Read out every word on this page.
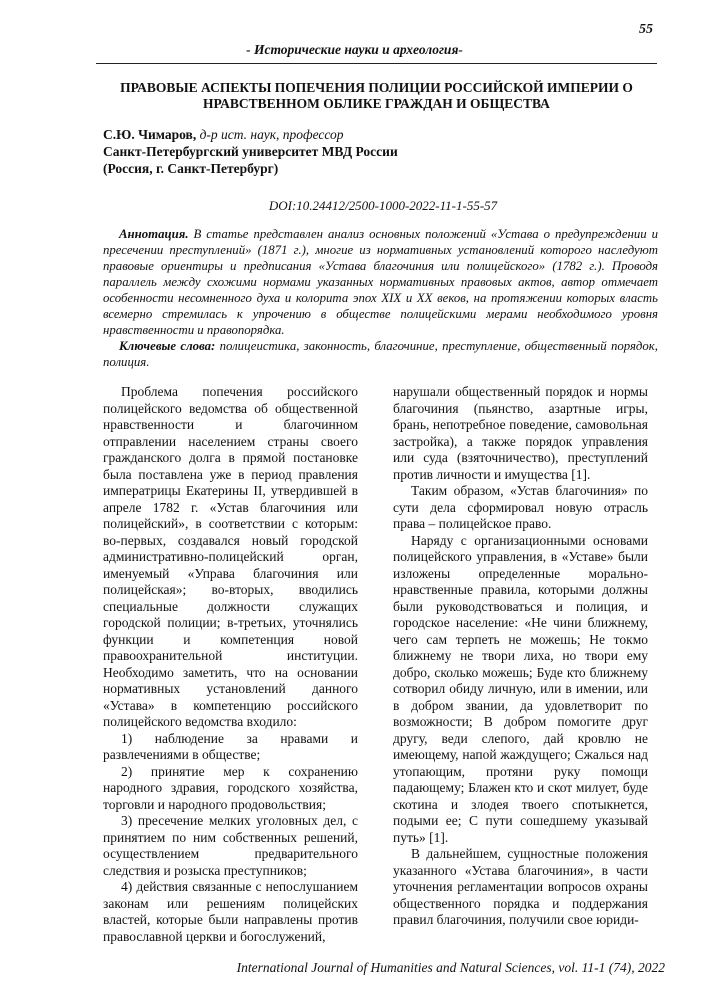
55
- Исторические науки и археология-
ПРАВОВЫЕ АСПЕКТЫ ПОПЕЧЕНИЯ ПОЛИЦИИ РОССИЙСКОЙ ИМПЕРИИ О НРАВСТВЕННОМ ОБЛИКЕ ГРАЖДАН И ОБЩЕСТВА
С.Ю. Чимаров, д-р ист. наук, профессор
Санкт-Петербургский университет МВД России
(Россия, г. Санкт-Петербург)
DOI:10.24412/2500-1000-2022-11-1-55-57

Аннотация. В статье представлен анализ основных положений «Устава о предупреждении и пресечении преступлений» (1871 г.), многие из нормативных установлений которого наследуют правовые ориентиры и предписания «Устава благочиния или полицейского» (1782 г.). Проводя параллель между схожими нормами указанных нормативных правовых актов, автор отмечает особенности несомненного духа и колорита эпох XIX и XX веков, на протяжении которых власть всемерно стремилась к упрочению в обществе полицейскими мерами необходимого уровня нравственности и правопорядка.

Ключевые слова: полицеистика, законность, благочиние, преступление, общественный порядок, полиция.

Проблема попечения российского полицейского ведомства об общественной нравственности и благочинном отправлении населением страны своего гражданского долга в прямой постановке была поставлена уже в период правления императрицы Екатерины II, утвердившей в апреле 1782 г. «Устав благочиния или полицейский», в соответствии с которым: во-первых, создавался новый городской административно-полицейский орган, именуемый «Управа благочиния или полицейская»; во-вторых, вводились специальные должности служащих городской полиции; в-третьих, уточнялись функции и компетенция новой правоохранительной институции. Необходимо заметить, что на основании нормативных установлений данного «Устава» в компетенцию российского полицейского ведомства входило:

1) наблюдение за нравами и развлечениями в обществе;

2) принятие мер к сохранению народного здравия, городского хозяйства, торговли и народного продовольствия;

3) пресечение мелких уголовных дел, с принятием по ним собственных решений, осуществлением предварительного следствия и розыска преступников;

4) действия связанные с непослушанием законам или решениям полицейских властей, которые были направлены против православной церкви и богослужений,

нарушали общественный порядок и нормы благочиния (пьянство, азартные игры, брань, непотребное поведение, самовольная застройка), а также порядок управления или суда (взяточничество), преступлений против личности и имущества [1].

Таким образом, «Устав благочиния» по сути дела сформировал новую отрасль права – полицейское право.

Наряду с организационными основами полицейского управления, в «Уставе» были изложены определенные морально-нравственные правила, которыми должны были руководствоваться и полиция, и городское население: «Не чини ближнему, чего сам терпеть не можешь; Не токмо ближнему не твори лиха, но твори ему добро, сколько можешь; Буде кто ближнему сотворил обиду личную, или в имении, или в добром звании, да удовлетворит по возможности; В добром помогите друг другу, веди слепого, дай кровлю не имеющему, напой жаждущего; Сжалься над утопающим, протяни руку помощи падающему; Блажен кто и скот милует, буде скотина и злодея твоего спотыкнется, подыми ее; С пути сошедшему указывай путь» [1].

В дальнейшем, сущностные положения указанного «Устава благочиния», в части уточнения регламентации вопросов охраны общественного порядка и поддержания правил благочиния, получили свое юриди-

International Journal of Humanities and Natural Sciences, vol. 11-1 (74), 2022
